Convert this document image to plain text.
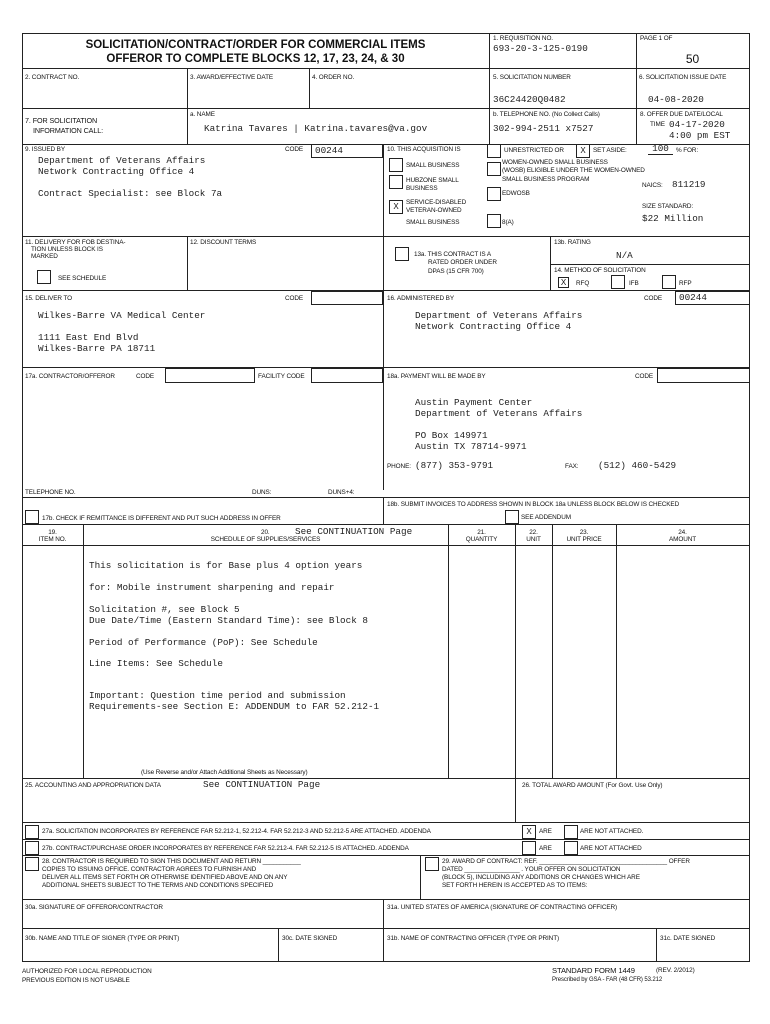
SOLICITATION/CONTRACT/ORDER FOR COMMERCIAL ITEMS
OFFEROR TO COMPLETE BLOCKS 12, 17, 23, 24, & 30
1. REQUISITION NO.
693-20-3-125-0190
PAGE 1 OF
50
2. CONTRACT NO.	3. AWARD/EFFECTIVE DATE	4. ORDER NO.	5. SOLICITATION NUMBER
36C24420Q0482
6. SOLICITATION ISSUE DATE
04-08-2020
7. FOR SOLICITATION
INFORMATION CALL:
a. NAME
Katrina Tavares | Katrina.tavares@va.gov
b. TELEPHONE NO. (No Collect Calls)
302-994-2511 x7527
8. OFFER DUE DATE/LOCAL
TIME 04-17-2020
4:00 pm EST
9. ISSUED BY	CODE 00244
Department of Veterans Affairs
Network Contracting Office 4
Contract Specialist: see Block 7a
10. THIS ACQUISITION IS	UNRESTRICTED OR	X	SET ASIDE:	100	% FOR:
SMALL BUSINESS
HUBZONE SMALL
BUSINESS
X	SERVICE-DISABLED
VETERAN-OWNED
SMALL BUSINESS
WOMEN-OWNED SMALL BUSINESS
(WOSB) ELIGIBLE UNDER THE WOMEN-OWNED
SMALL BUSINESS PROGRAM
EDWOSB
8(A)
NAICS: 811219
SIZE STANDARD:
$22 Million
11. DELIVERY FOR FOB DESTINA-
TION UNLESS BLOCK IS
MARKED
SEE SCHEDULE
12. DISCOUNT TERMS
13a. THIS CONTRACT IS A
RATED ORDER UNDER
DPAS (15 CFR 700)
13b. RATING
N/A
14. METHOD OF SOLICITATION
X	RFQ	IFB	RFP
15. DELIVER TO	CODE
Wilkes-Barre VA Medical Center
1111 East End Blvd
Wilkes-Barre PA 18711
16. ADMINISTERED BY	CODE 00244
Department of Veterans Affairs
Network Contracting Office 4
17a. CONTRACTOR/OFFEROR	CODE	FACILITY CODE
TELEPHONE NO.	DUNS:	DUNS+4:
18a. PAYMENT WILL BE MADE BY	CODE
Austin Payment Center
Department of Veterans Affairs
PO Box 149971
Austin TX 78714-9971
PHONE: (877) 353-9791	FAX: (512) 460-5429
17b. CHECK IF REMITTANCE IS DIFFERENT AND PUT SUCH ADDRESS IN OFFER
18b. SUBMIT INVOICES TO ADDRESS SHOWN IN BLOCK 18a UNLESS BLOCK BELOW IS CHECKED
SEE ADDENDUM
19.
ITEM NO.
20.	See CONTINUATION Page
SCHEDULE OF SUPPLIES/SERVICES
21.
QUANTITY
22.
UNIT
23.
UNIT PRICE
24.
AMOUNT
This solicitation is for Base plus 4 option years
for: Mobile instrument sharpening and repair
Solicitation #, see Block 5
Due Date/Time (Eastern Standard Time): see Block 8
Period of Performance (PoP): See Schedule
Line Items: See Schedule
Important: Question time period and submission
Requirements-see Section E: ADDENDUM to FAR 52.212-1
(Use Reverse and/or Attach Additional Sheets as Necessary)
25. ACCOUNTING AND APPROPRIATION DATA	See CONTINUATION Page	26. TOTAL AWARD AMOUNT (For Govt. Use Only)
27a. SOLICITATION INCORPORATES BY REFERENCE FAR 52.212-1, 52.212-4. FAR 52.212-3 AND 52.212-5 ARE ATTACHED. ADDENDA	X	ARE	ARE NOT ATTACHED.
27b. CONTRACT/PURCHASE ORDER INCORPORATES BY REFERENCE FAR 52.212-4. FAR 52.212-5 IS ATTACHED. ADDENDA	ARE	ARE NOT ATTACHED
28. CONTRACTOR IS REQUIRED TO SIGN THIS DOCUMENT AND RETURN ___________
COPIES TO ISSUING OFFICE. CONTRACTOR AGREES TO FURNISH AND
DELIVER ALL ITEMS SET FORTH OR OTHERWISE IDENTIFIED ABOVE AND ON ANY
ADDITIONAL SHEETS SUBJECT TO THE TERMS AND CONDITIONS SPECIFIED
29. AWARD OF CONTRACT: REF. _____________________________________ OFFER
DATED ________________ . YOUR OFFER ON SOLICITATION
(BLOCK 5), INCLUDING ANY ADDITIONS OR CHANGES WHICH ARE
SET FORTH HEREIN IS ACCEPTED AS TO ITEMS:
30a. SIGNATURE OF OFFEROR/CONTRACTOR	31a. UNITED STATES OF AMERICA (SIGNATURE OF CONTRACTING OFFICER)
30b. NAME AND TITLE OF SIGNER (TYPE OR PRINT)	30c. DATE SIGNED	31b. NAME OF CONTRACTING OFFICER (TYPE OR PRINT)	31c. DATE SIGNED
AUTHORIZED FOR LOCAL REPRODUCTION
PREVIOUS EDITION IS NOT USABLE
STANDARD FORM 1449	(REV. 2/2012)
Prescribed by GSA - FAR (48 CFR) 53.212
